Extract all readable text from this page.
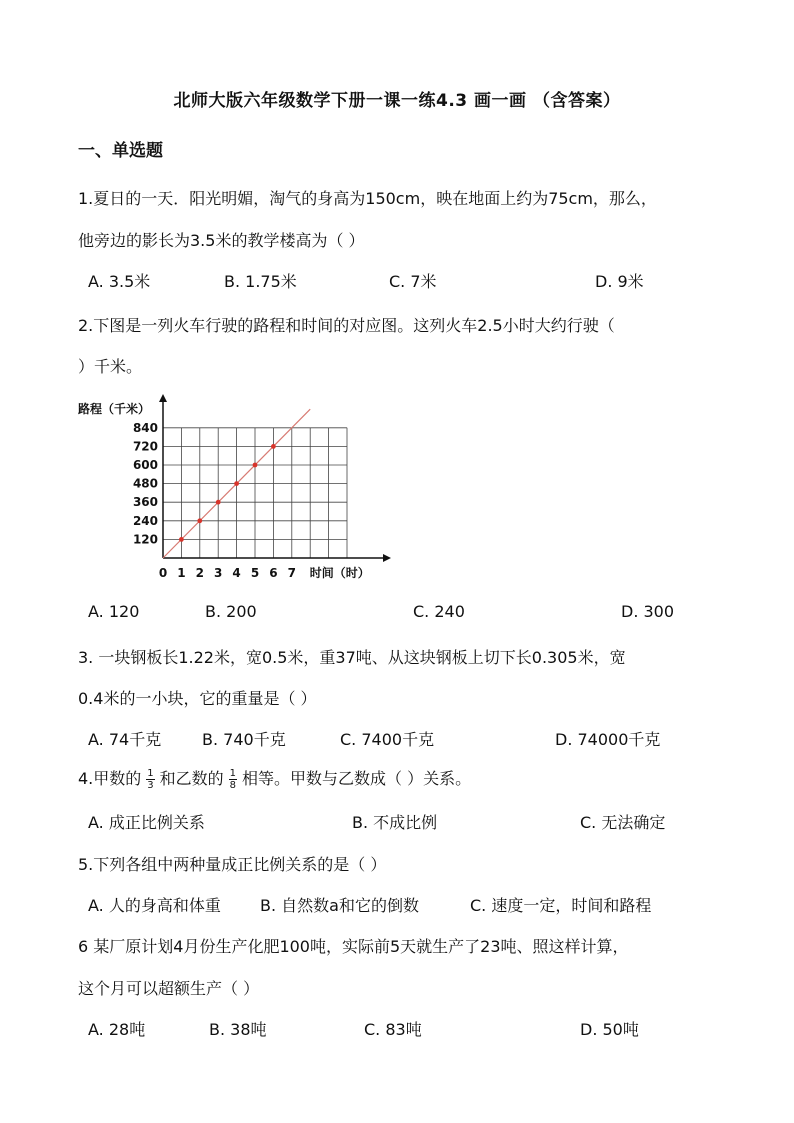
北师大版六年级数学下册一课一练4.3 画一画 （含答案）
一、单选题
1.夏日的一天．阳光明媚，淘气的身高为150cm，映在地面上约为75cm，那么，
他旁边的影长为3.5米的教学楼高为（ ）
A. 3.5米	B. 1.75米	C. 7米	D. 9米
2.下图是一列火车行驶的路程和时间的对应图。这列火车2.5小时大约行驶（
）千米。
120
240
360
480
600
720
840
0 1 2 3 4 5 6 7
路程（千米）
时间（时）
A. 120	B. 200	C. 240	D. 300
3. 一块钢板长1.22米，宽0.5米，重37吨、从这块钢板上切下长0.305米，宽
0.4米的一小块，它的重量是（ ）
A. 74千克	B. 740千克	C. 7400千克	D. 74000千克
4.甲数的 $\frac{1}{3}$ 和乙数的 $\frac{1}{8}$ 相等。甲数与乙数成（ ）关系。
A. 成正比例关系	B. 不成比例	C. 无法确定
5.下列各组中两种量成正比例关系的是（ ）
A. 人的身高和体重 B. 自然数a和它的倒数	C. 速度一定，时间和路程
6 某厂原计划4月份生产化肥100吨，实际前5天就生产了23吨、照这样计算，
这个月可以超额生产（ ）
A. 28吨	B. 38吨	C. 83吨	D. 50吨
